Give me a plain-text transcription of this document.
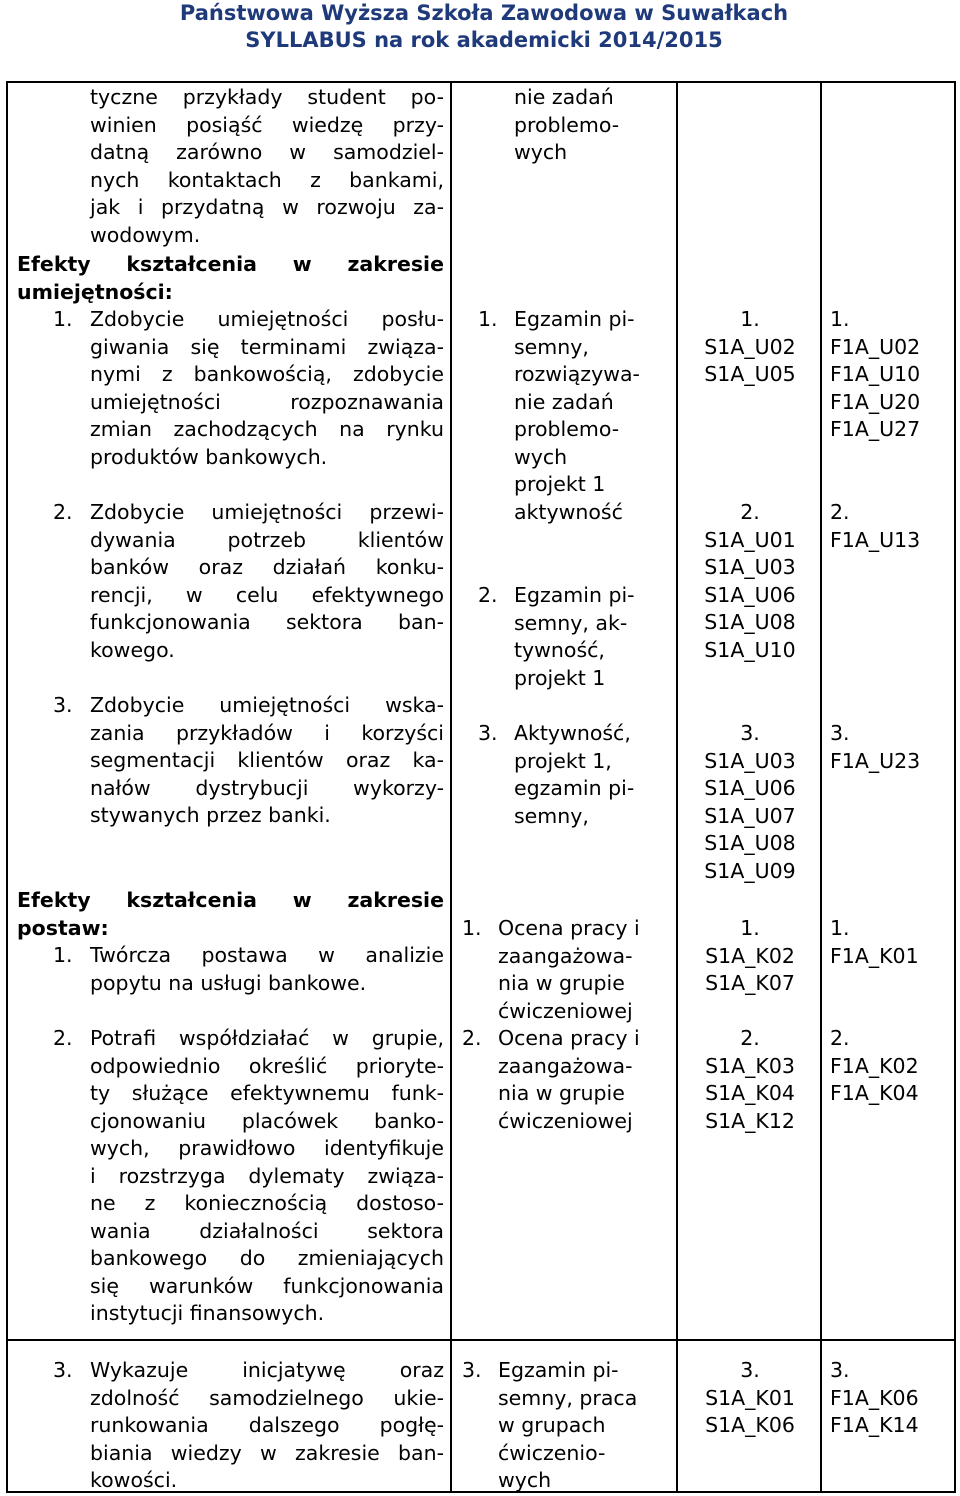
Państwowa Wyższa Szkoła Zawodowa w Suwałkach
SYLLABUS na rok akademicki 2014/2015
tyczne przykłady student po-
winien posiąść wiedzę przy-
datną zarówno w samodziel-
nych kontaktach z bankami,
jak i przydatną w rozwoju za-
wodowym.
Efekty kształcenia w zakresie
umiejętności:
1. Zdobycie umiejętności posłu-
giwania się terminami związa-
nymi z bankowością, zdobycie
umiejętności rozpoznawania
zmian zachodzących na rynku
produktów bankowych.
2. Zdobycie umiejętności przewi-
dywania potrzeb klientów
banków oraz działań konku-
rencji, w celu efektywnego
funkcjonowania sektora ban-
kowego.
3. Zdobycie umiejętności wska-
zania przykładów i korzyści
segmentacji klientów oraz ka-
nałów dystrybucji wykorzy-
stywanych przez banki.
Efekty kształcenia w zakresie
postaw:
1. Twórcza postawa w analizie
popytu na usługi bankowe.
2. Potrafi współdziałać w grupie,
odpowiednio określić prioryte-
ty służące efektywnemu funk-
cjonowaniu placówek banko-
wych, prawidłowo identyfikuje
i rozstrzyga dylematy związa-
ne z koniecznością dostoso-
wania działalności sektora
bankowego do zmieniających
się warunków funkcjonowania
instytucji finansowych.
3. Wykazuje inicjatywę oraz
zdolność samodzielnego ukie-
runkowania dalszego pogłę-
biania wiedzy w zakresie ban-
kowości.
nie zadań
problemo-
wych
1. Egzamin pi-
semny,
rozwiązywa-
nie zadań
problemo-
wych
projekt 1
aktywność
2. Egzamin pi-
semny, ak-
tywność,
projekt 1
3. Aktywność,
projekt 1,
egzamin pi-
semny,
1. Ocena pracy i
zaangażowa-
nia w grupie
ćwiczeniowej
2. Ocena pracy i
zaangażowa-
nia w grupie
ćwiczeniowej
3. Egzamin pi-
semny, praca
w grupach
ćwiczenio-
wych
1.
S1A_U02
S1A_U05
2.
S1A_U01
S1A_U03
S1A_U06
S1A_U08
S1A_U10
3.
S1A_U03
S1A_U06
S1A_U07
S1A_U08
S1A_U09
1.
S1A_K02
S1A_K07
2.
S1A_K03
S1A_K04
S1A_K12
3.
S1A_K01
S1A_K06
1.
F1A_U02
F1A_U10
F1A_U20
F1A_U27
2.
F1A_U13
3.
F1A_U23
1.
F1A_K01
2.
F1A_K02
F1A_K04
3.
F1A_K06
F1A_K14
